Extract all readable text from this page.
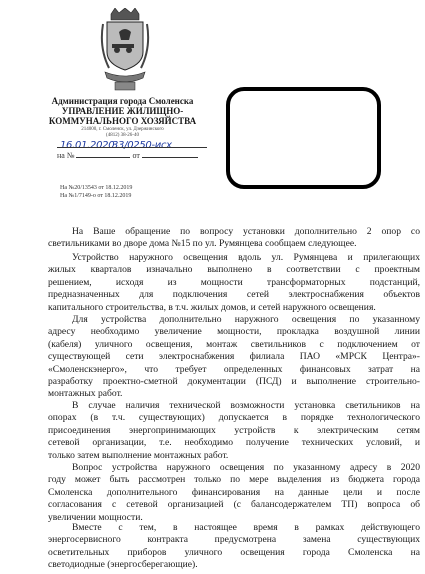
Администрация города Смоленска
УПРАВЛЕНИЕ ЖИЛИЩНО-
КОММУНАЛЬНОГО ХОЗЯЙСТВА
214000, г. Смоленск, ул. Дзержинского
(4812) 38-26-40
16.01.2020
33/0250-исх
на №	от
На №20/13543 от 18.12.2019
На №1/7149-о от 18.12.2019
На Ваше обращение по вопросу установки дополнительно 2 опор со
светильниками во дворе дома №15 по ул. Румянцева сообщаем следующее.
Устройство наружного освещения вдоль ул. Румянцева и прилегающих
жилых кварталов изначально выполнено в соответствии с проектным
решением, исходя из мощности трансформаторных подстанций,
предназначенных для подключения сетей электроснабжения объектов
капитального строительства, в т.ч. жилых домов, и сетей наружного освещения.
Для устройства дополнительно наружного освещения по указанному
адресу необходимо увеличение мощности, прокладка воздушной линии
(кабеля) уличного освещения, монтаж светильников с подключением от
существующей сети электроснабжения филиала ПАО «МРСК Центра»-
«Смоленскэнерго», что требует определенных финансовых затрат на
разработку проектно-сметной документации (ПСД) и выполнение строительно-
монтажных работ.
В случае наличия технической возможности установка светильников на
опорах (в т.ч. существующих) допускается в порядке технологического
присоединения энергопринимающих устройств к электрическим сетям
сетевой организации, т.е. необходимо получение технических условий, и
только затем выполнение монтажных работ.
Вопрос устройства наружного освещения по указанному адресу в 2020
году может быть рассмотрен только по мере выделения из бюджета города
Смоленска дополнительного финансирования на данные цели и после
согласования с сетевой организацией (с балансодержателем ТП) вопроса об
увеличении мощности.
Вместе с тем, в настоящее время в рамках действующего
энергосервисного контракта предусмотрена замена существующих
осветительных приборов уличного освещения города Смоленска на
светодиодные (энергосберегающие).
